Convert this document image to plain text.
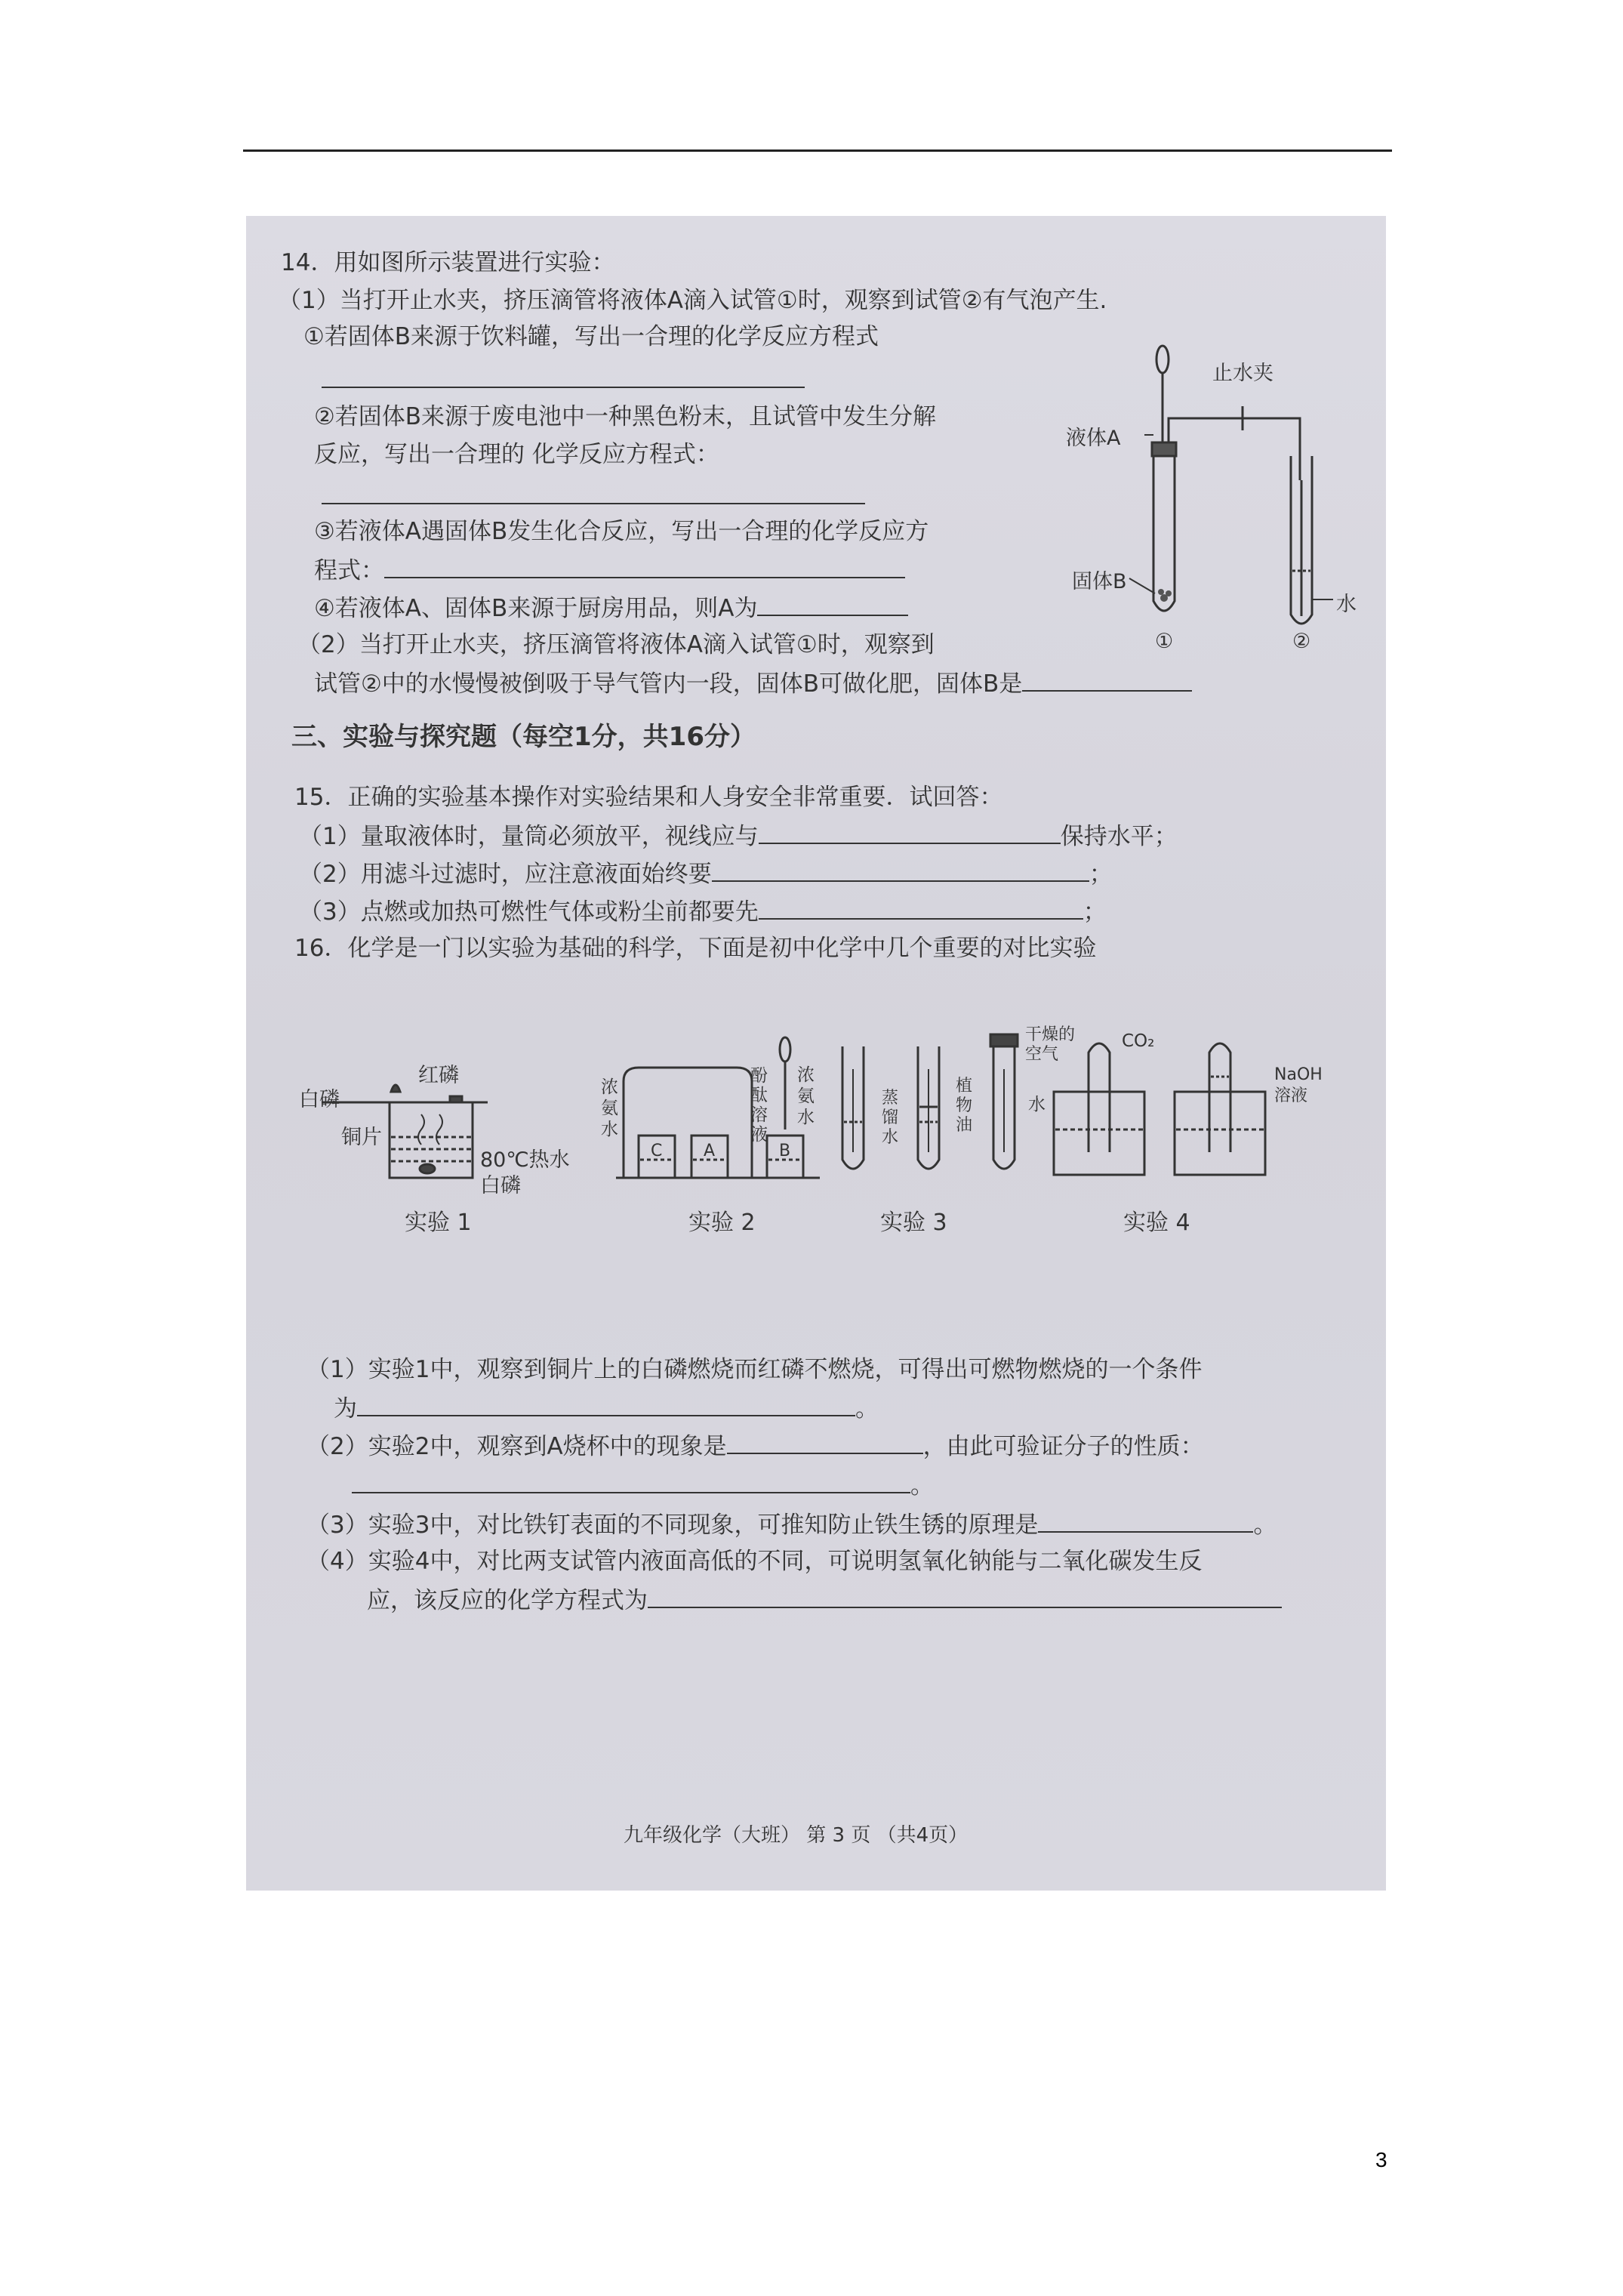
14．用如图所示装置进行实验：
（1）当打开止水夹，挤压滴管将液体A滴入试管①时，观察到试管②有气泡产生.
①若固体B来源于饮料罐，写出一合理的化学反应方程式
②若固体B来源于废电池中一种黑色粉末，且试管中发生分解
反应，写出一合理的 化学反应方程式：
③若液体A遇固体B发生化合反应，写出一合理的化学反应方
程式：
④若液体A、固体B来源于厨房用品，则A为
（2）当打开止水夹，挤压滴管将液体A滴入试管①时，观察到
试管②中的水慢慢被倒吸于导气管内一段，固体B可做化肥，固体B是
止水夹
液体A
固体B
水
①	②
三、实验与探究题（每空1分，共16分）
15．正确的实验基本操作对实验结果和人身安全非常重要．试回答：
（1）量取液体时，量筒必须放平，视线应与	保持水平；
（2）用滤斗过滤时，应注意液面始终要	；
（3）点燃或加热可燃性气体或粉尘前都要先	；
16．化学是一门以实验为基础的科学，下面是初中化学中几个重要的对比实验
红磷
白磷
铜片
80℃热水
白磷
实验 1
浓
氨
水
酚
酞
溶
液
浓
氨
水
C A	B
实验 2
蒸
馏
水
植
物
油
干燥的
空气
实验 3
CO₂
水
NaOH
溶液
实验 4
（1）实验1中，观察到铜片上的白磷燃烧而红磷不燃烧，可得出可燃物燃烧的一个条件
为	。
（2）实验2中，观察到A烧杯中的现象是	，由此可验证分子的性质：
。
（3）实验3中，对比铁钉表面的不同现象，可推知防止铁生锈的原理是	。
（4）实验4中，对比两支试管内液面高低的不同，可说明氢氧化钠能与二氧化碳发生反
应，该反应的化学方程式为
九年级化学（大班） 第 3 页 （共4页）
3
